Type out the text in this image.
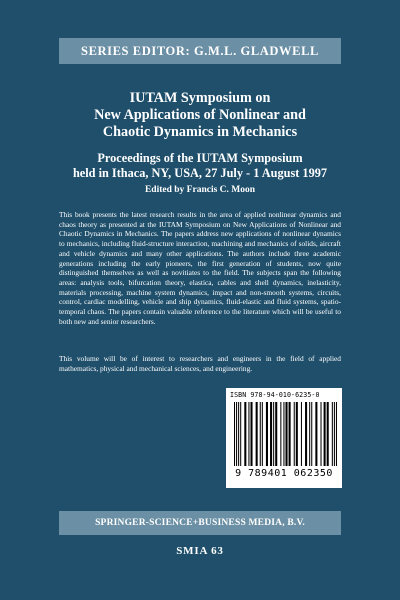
SERIES EDITOR: G.M.L. GLADWELL
IUTAM Symposium on
New Applications of Nonlinear and
Chaotic Dynamics in Mechanics
Proceedings of the IUTAM Symposium
held in Ithaca, NY, USA, 27 July - 1 August 1997
Edited by Francis C. Moon

This book presents the latest research results in the area of applied nonlinear dynamics and chaos theory as presented at the IUTAM Symposium on New Applications of Nonlinear and Chaotic Dynamics in Mechanics. The papers address new applications of nonlinear dynamics to mechanics, including fluid-structure interaction, machining and mechanics of solids, aircraft and vehicle dynamics and many other applications. The authors include three academic generations including the early pioneers, the first generation of students, now quite distinguished themselves as well as novitiates to the field. The subjects span the following areas: analysis tools, bifurcation theory, elastica, cables and shell dynamics, inelasticity, materials processing, machine system dynamics, impact and non-smooth systems, circuits, control, cardiac modelling, vehicle and ship dynamics, fluid-elastic and fluid systems, spatio-temporal chaos. The papers contain valuable reference to the literature which will be useful to both new and senior researchers.

This volume will be of interest to researchers and engineers in the field of applied mathematics, physical and mechanical sciences, and engineering.

ISBN 978-94-010-6235-0
9 789401 062350
SPRINGER-SCIENCE+BUSINESS MEDIA, B.V.
SMIA 63
